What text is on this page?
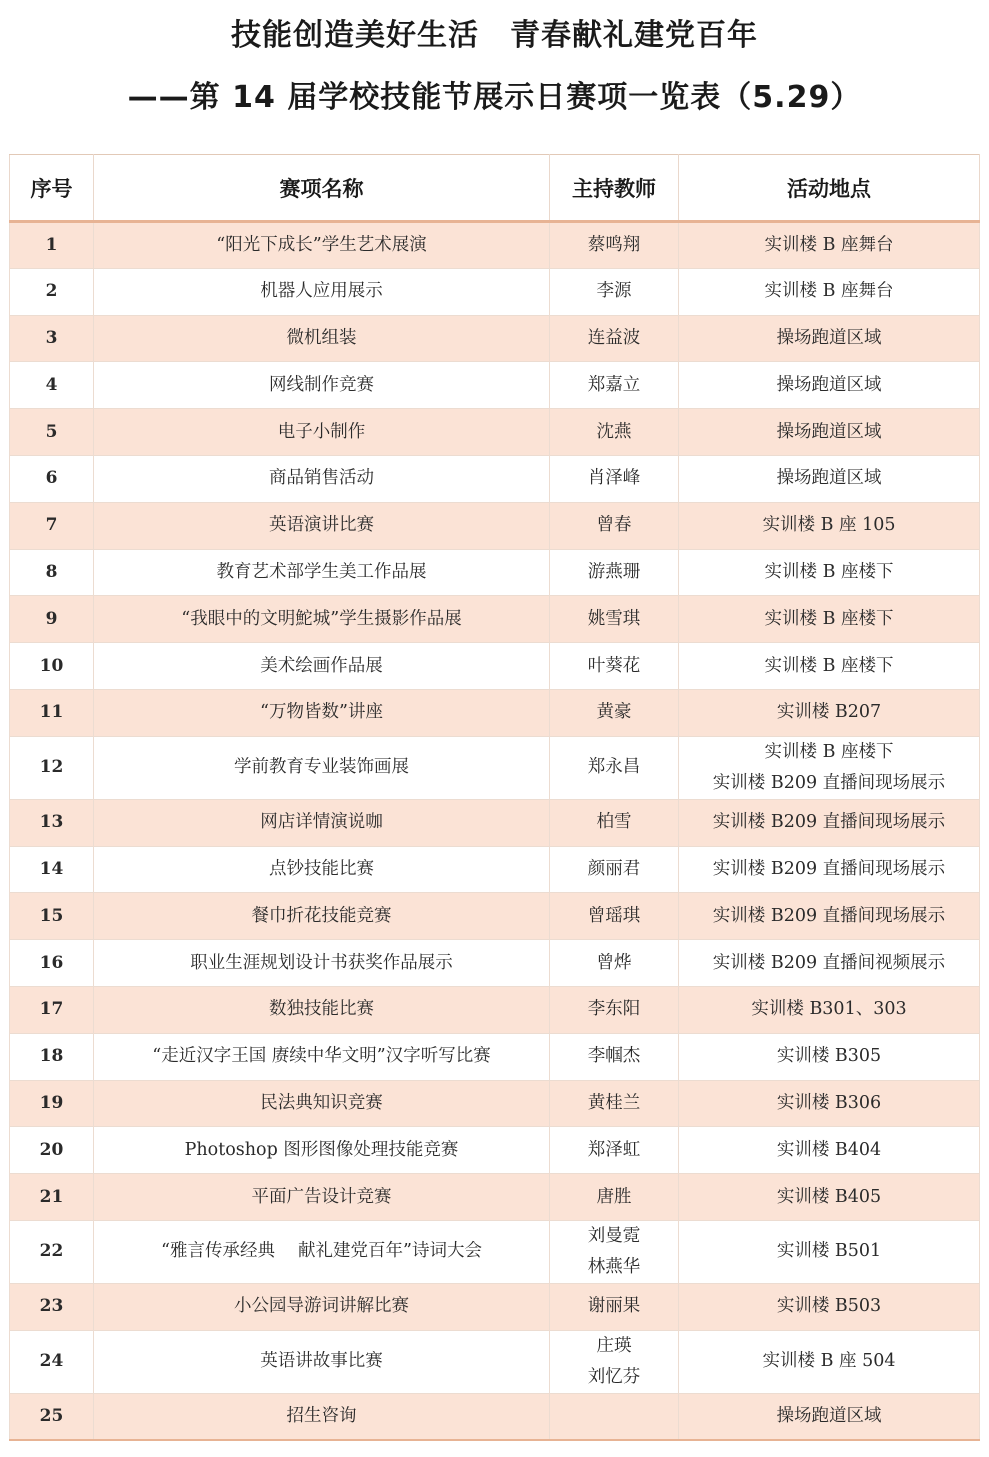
技能创造美好生活　青春献礼建党百年
——第 14 届学校技能节展示日赛项一览表（5.29）
序号	赛项名称	主持教师	活动地点
1	“阳光下成长”学生艺术展演	蔡鸣翔	实训楼 B 座舞台

2	机器人应用展示	李源	实训楼 B 座舞台

3	微机组装	连益波	操场跑道区域

4	网线制作竞赛	郑嘉立	操场跑道区域

5	电子小制作	沈燕	操场跑道区域

6	商品销售活动	肖泽峰	操场跑道区域

7	英语演讲比赛	曾春	实训楼 B 座 105

8	教育艺术部学生美工作品展	游燕珊	实训楼 B 座楼下

9	“我眼中的文明鮀城”学生摄影作品展	姚雪琪	实训楼 B 座楼下

10	美术绘画作品展	叶葵花	实训楼 B 座楼下

11	“万物皆数”讲座	黄豪	实训楼 B207

12	学前教育专业装饰画展	郑永昌	实训楼 B 座楼下
实训楼 B209 直播间现场展示

13	网店详情演说咖	柏雪	实训楼 B209 直播间现场展示

14	点钞技能比赛	颜丽君	实训楼 B209 直播间现场展示

15	餐巾折花技能竞赛	曾瑶琪	实训楼 B209 直播间现场展示

16	职业生涯规划设计书获奖作品展示	曾烨	实训楼 B209 直播间视频展示

17	数独技能比赛	李东阳	实训楼 B301、303

18	“走近汉字王国 赓续中华文明”汉字听写比赛	李帼杰	实训楼 B305

19	民法典知识竞赛	黄桂兰	实训楼 B306

20	Photoshop 图形图像处理技能竞赛	郑泽虹	实训楼 B404

21	平面广告设计竞赛	唐胜	实训楼 B405

22	“雅言传承经典　 献礼建党百年”诗词大会	刘曼霓
林燕华	实训楼 B501

23	小公园导游词讲解比赛	谢丽果	实训楼 B503

24	英语讲故事比赛	庄瑛
刘忆芬	实训楼 B 座 504

25	招生咨询		操场跑道区域
